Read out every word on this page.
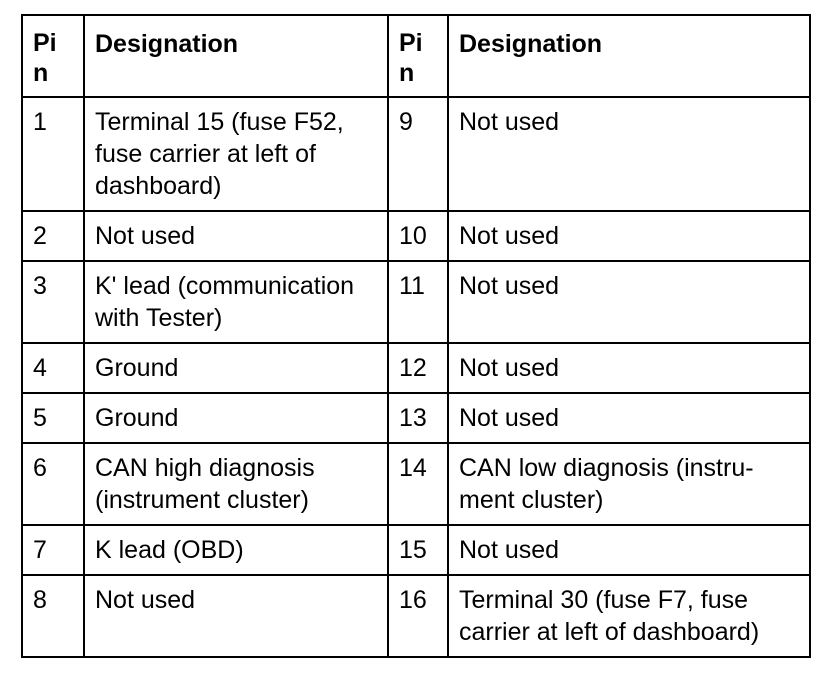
Pi
n	Designation	Pi
n	Designation
1	Terminal 15 (fuse F52,
fuse carrier at left of
dashboard)	9	Not used

2	Not used	10	Not used

3	K' lead (communication
with Tester)	11	Not used

4	Ground	12	Not used

5	Ground	13	Not used

6	CAN high diagnosis
(instrument cluster)	14	CAN low diagnosis (instru-
ment cluster)

7	K lead (OBD)	15	Not used

8	Not used	16	Terminal 30 (fuse F7, fuse
carrier at left of dashboard)
